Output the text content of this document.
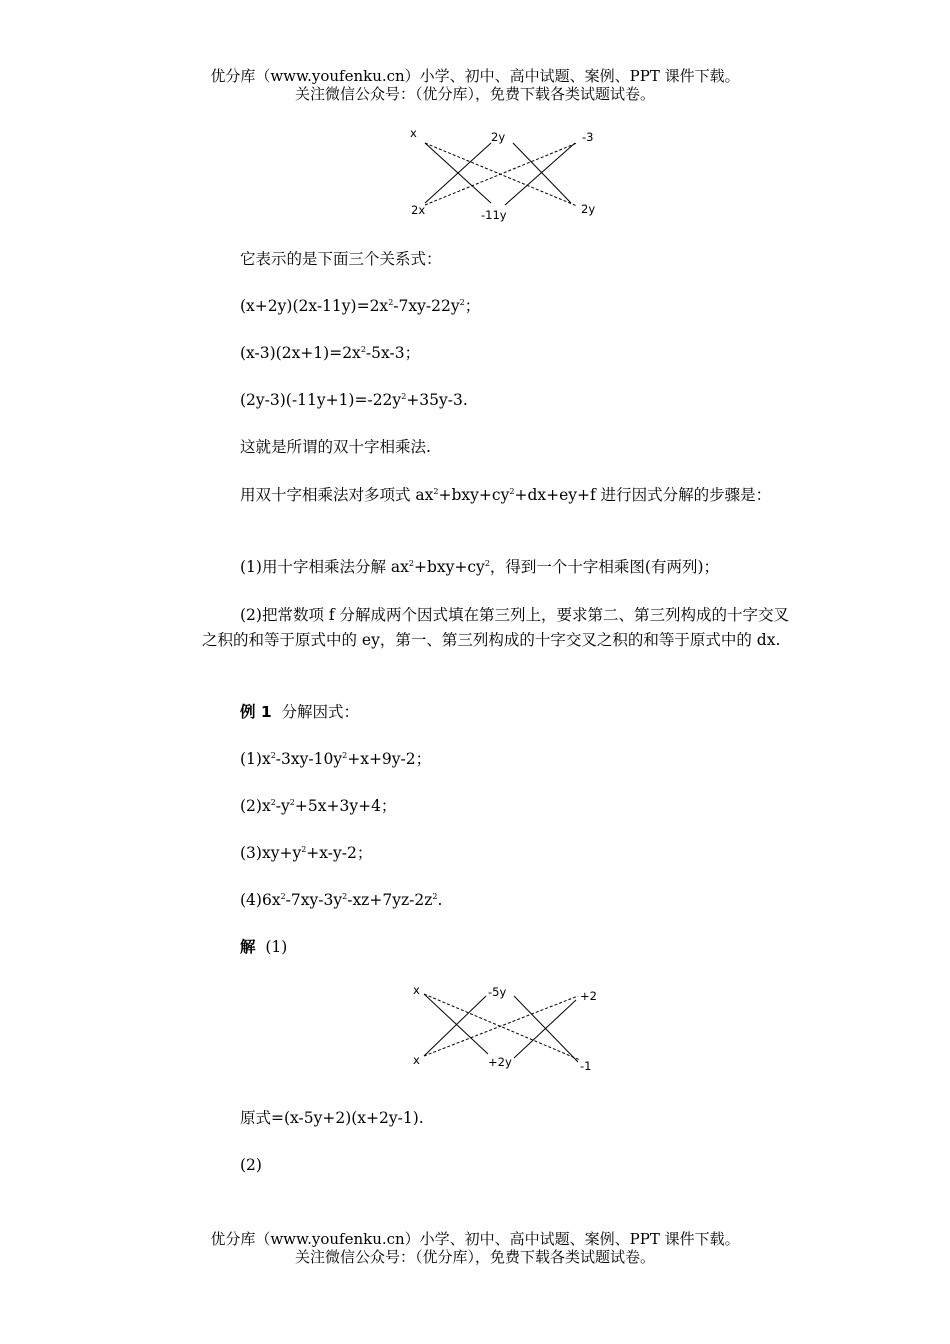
优分库（www.youfenku.cn）小学、初中、高中试题、案例、PPT 课件下载。
关注微信公众号：（优分库），免费下载各类试题试卷。
x	2y	-3
2x	-11y	2y
它表示的是下面三个关系式：
$(x+2y)(2x-11y)=2x^2-7xy-22y^2$；
$(x-3)(2x+1)=2x^2-5x-3$；
$(2y-3)(-11y+1)=-22y^2+35y-3$.
这就是所谓的双十字相乘法.
用双十字相乘法对多项式 $ax^2+bxy+cy^2+dx+ey+f$ 进行因式分解的步骤是：
(1)用十字相乘法分解 $ax^2+bxy+cy^2$，得到一个十字相乘图(有两列)；
(2)把常数项 f 分解成两个因式填在第三列上，要求第二、第三列构成的十字交叉之积的和等于原式中的 ey，第一、第三列构成的十字交叉之积的和等于原式中的 dx.
例 1 分解因式：
$(1)x^2-3xy-10y^2+x+9y-2$；
$(2)x^2-y^2+5x+3y+4$；
$(3)xy+y^2+x-y-2$；
$(4)6x^2-7xy-3y^2-xz+7yz-2z^2$.
解 (1)
x	-5y	+2
x	+2y	-1
原式=(x-5y+2)(x+2y-1).
(2)
优分库（www.youfenku.cn）小学、初中、高中试题、案例、PPT 课件下载。
关注微信公众号：（优分库），免费下载各类试题试卷。
